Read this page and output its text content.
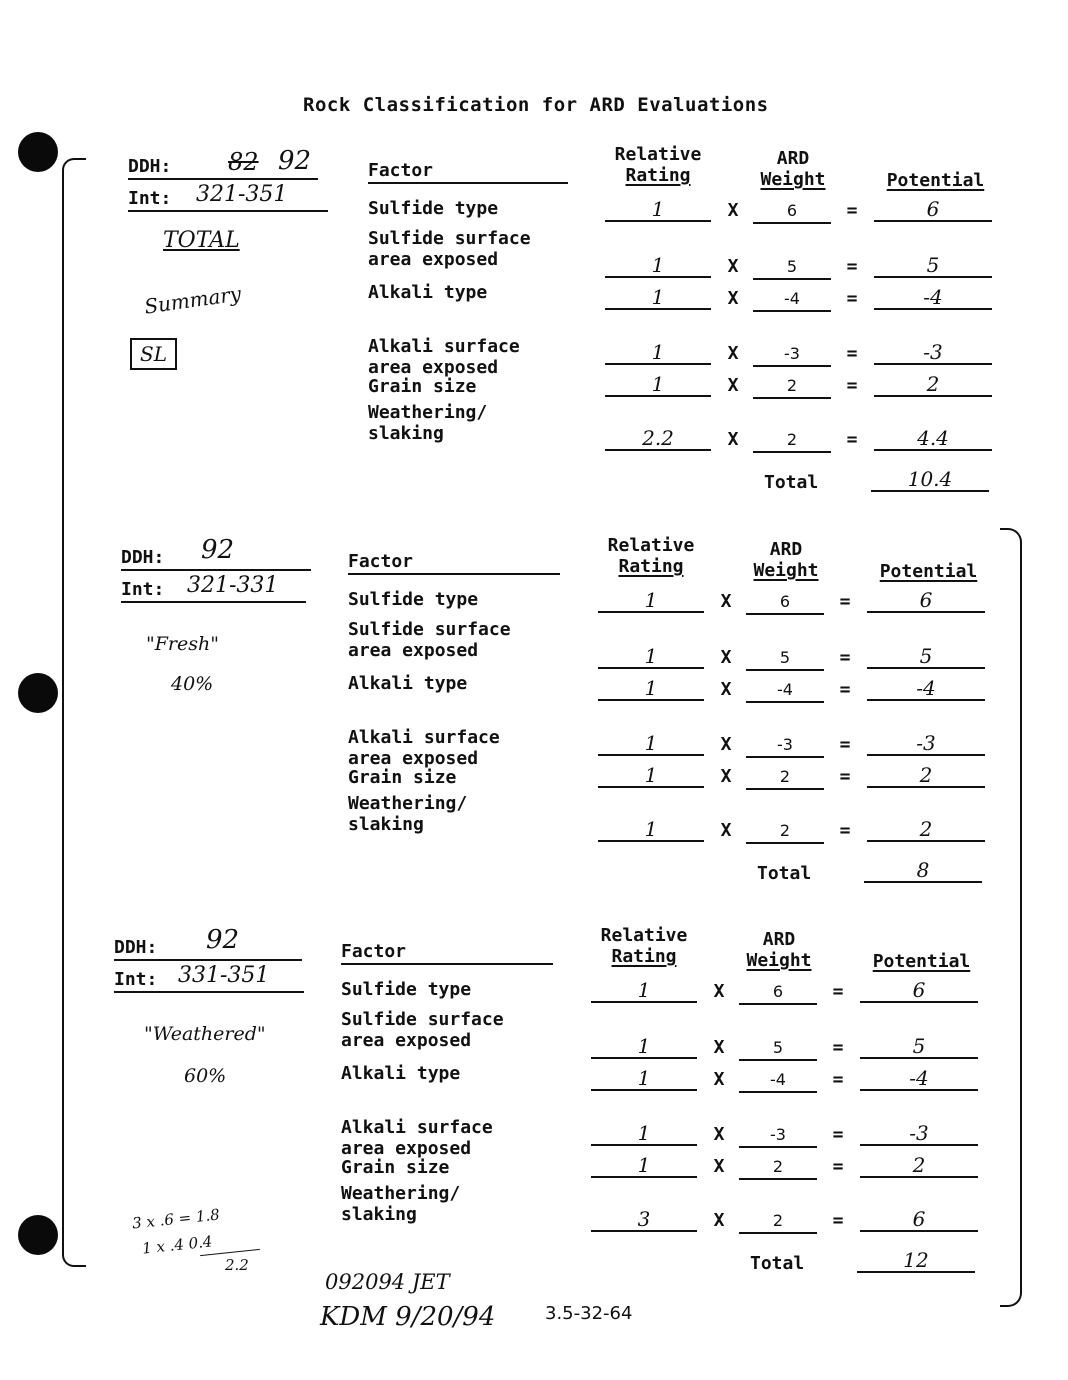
Rock Classification for ARD Evaluations
DDH: 82 92
Int: 321-351
TOTAL
Summary
SL
Factor
Relative
Rating
ARD
Weight	Potential
Sulfide type	1	X	6	=	6
Sulfide surface
area exposed	1	X	5	=	5
Alkali type	1	X	-4	=	-4
Alkali surface
area exposed
1	X	-3	=	-3
Grain size	1	X	2	=	2
Weathering/
slaking	2.2	X	2	=	4.4
Total	10.4
DDH: 92
Int: 321-331
"Fresh"
40%
Factor
Relative
Rating
ARD
Weight	Potential
Sulfide type	1	X	6	=	6
Sulfide surface
area exposed	1	X	5	=	5
Alkali type	1	X	-4	=	-4
Alkali surface
area exposed
1	X	-3	=	-3
Grain size	1	X	2	=	2
Weathering/
slaking	1	X	2	=	2
Total	8
DDH: 92
Int: 331-351
"Weathered"
60%
Factor
Relative
Rating
ARD
Weight	Potential
Sulfide type	1	X	6	=	6
Sulfide surface
area exposed	1	X	5	=	5
Alkali type	1	X	-4	=	-4
Alkali surface
area exposed
1	X	-3	=	-3
Grain size	1	X	2	=	2
Weathering/
slaking	3	X	2	=	6
Total	12
3 x .6 = 1.8
1 x .4 0.4
2.2
092094 JET
KDM 9/20/94	3.5-32-64
